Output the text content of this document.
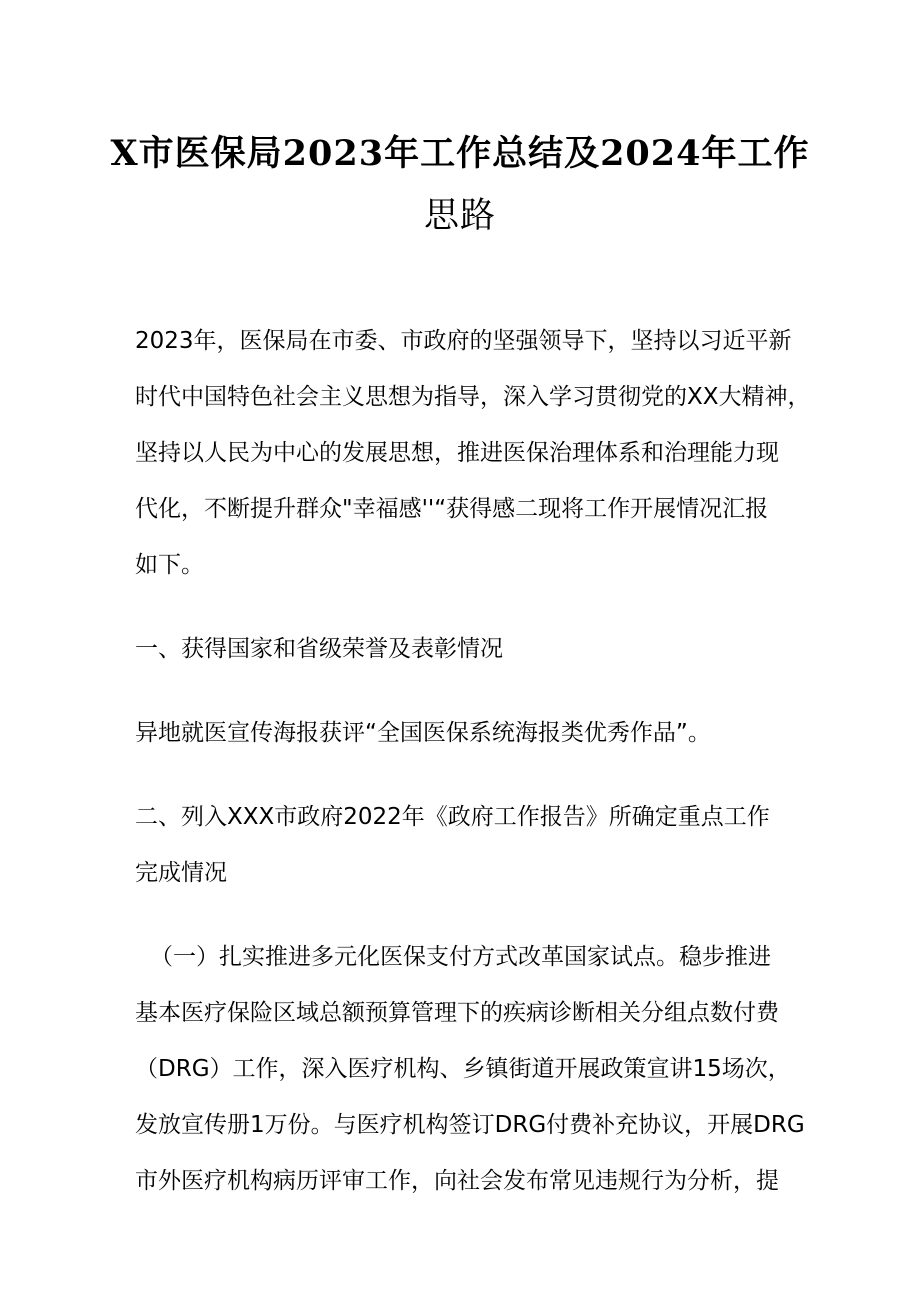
X市医保局2023年工作总结及2024年工作
思路
2023年，医保局在市委、市政府的坚强领导下，坚持以习近平新
时代中国特色社会主义思想为指导，深入学习贯彻党的XX大精神，
坚持以人民为中心的发展思想，推进医保治理体系和治理能力现
代化，不断提升群众"幸福感''“获得感二现将工作开展情况汇报
如下。
一、获得国家和省级荣誉及表彰情况
异地就医宣传海报获评“全国医保系统海报类优秀作品”。
二、列入XXX市政府2022年《政府工作报告》所确定重点工作
完成情况
（一）扎实推进多元化医保支付方式改革国家试点。稳步推进
基本医疗保险区域总额预算管理下的疾病诊断相关分组点数付费
（DRG）工作，深入医疗机构、乡镇街道开展政策宣讲15场次，
发放宣传册1万份。与医疗机构签订DRG付费补充协议，开展DRG
市外医疗机构病历评审工作，向社会发布常见违规行为分析，提
